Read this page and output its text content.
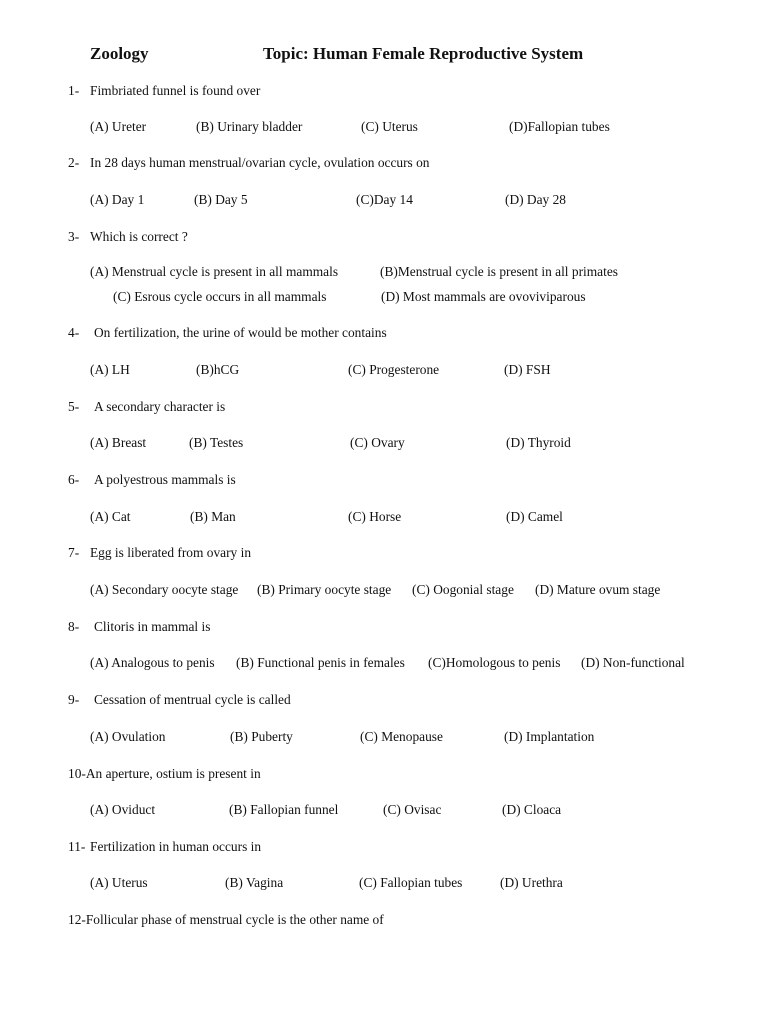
Zoology	Topic: Human Female Reproductive System
1- Fimbriated funnel is found over
(A) Ureter	(B) Urinary bladder	(C) Uterus	(D)Fallopian tubes
2- In 28 days human menstrual/ovarian cycle, ovulation occurs on
(A) Day 1	(B) Day 5	(C)Day 14	(D) Day 28
3- Which is correct ?
(A) Menstrual cycle is present in all mammals	(B)Menstrual cycle is present in all primates
(C) Esrous cycle occurs in all mammals	(D) Most mammals are ovoviviparous
4- On fertilization, the urine of would be mother contains
(A) LH	(B)hCG	(C) Progesterone	(D) FSH
5- A secondary character is
(A) Breast	(B) Testes	(C) Ovary	(D) Thyroid
6- A polyestrous mammals is
(A) Cat	(B) Man	(C) Horse	(D) Camel
7- Egg is liberated from ovary in
(A) Secondary oocyte stage (B) Primary oocyte stage (C) Oogonial stage (D) Mature ovum stage
8- Clitoris in mammal is
(A) Analogous to penis (B) Functional penis in females (C)Homologous to penis (D) Non-functional
9- Cessation of mentrual cycle is called
(A) Ovulation	(B) Puberty	(C) Menopause	(D) Implantation
10-An aperture, ostium is present in
(A) Oviduct	(B) Fallopian funnel	(C) Ovisac	(D) Cloaca
11- Fertilization in human occurs in
(A) Uterus	(B) Vagina	(C) Fallopian tubes	(D) Urethra
12-Follicular phase of menstrual cycle is the other name of
